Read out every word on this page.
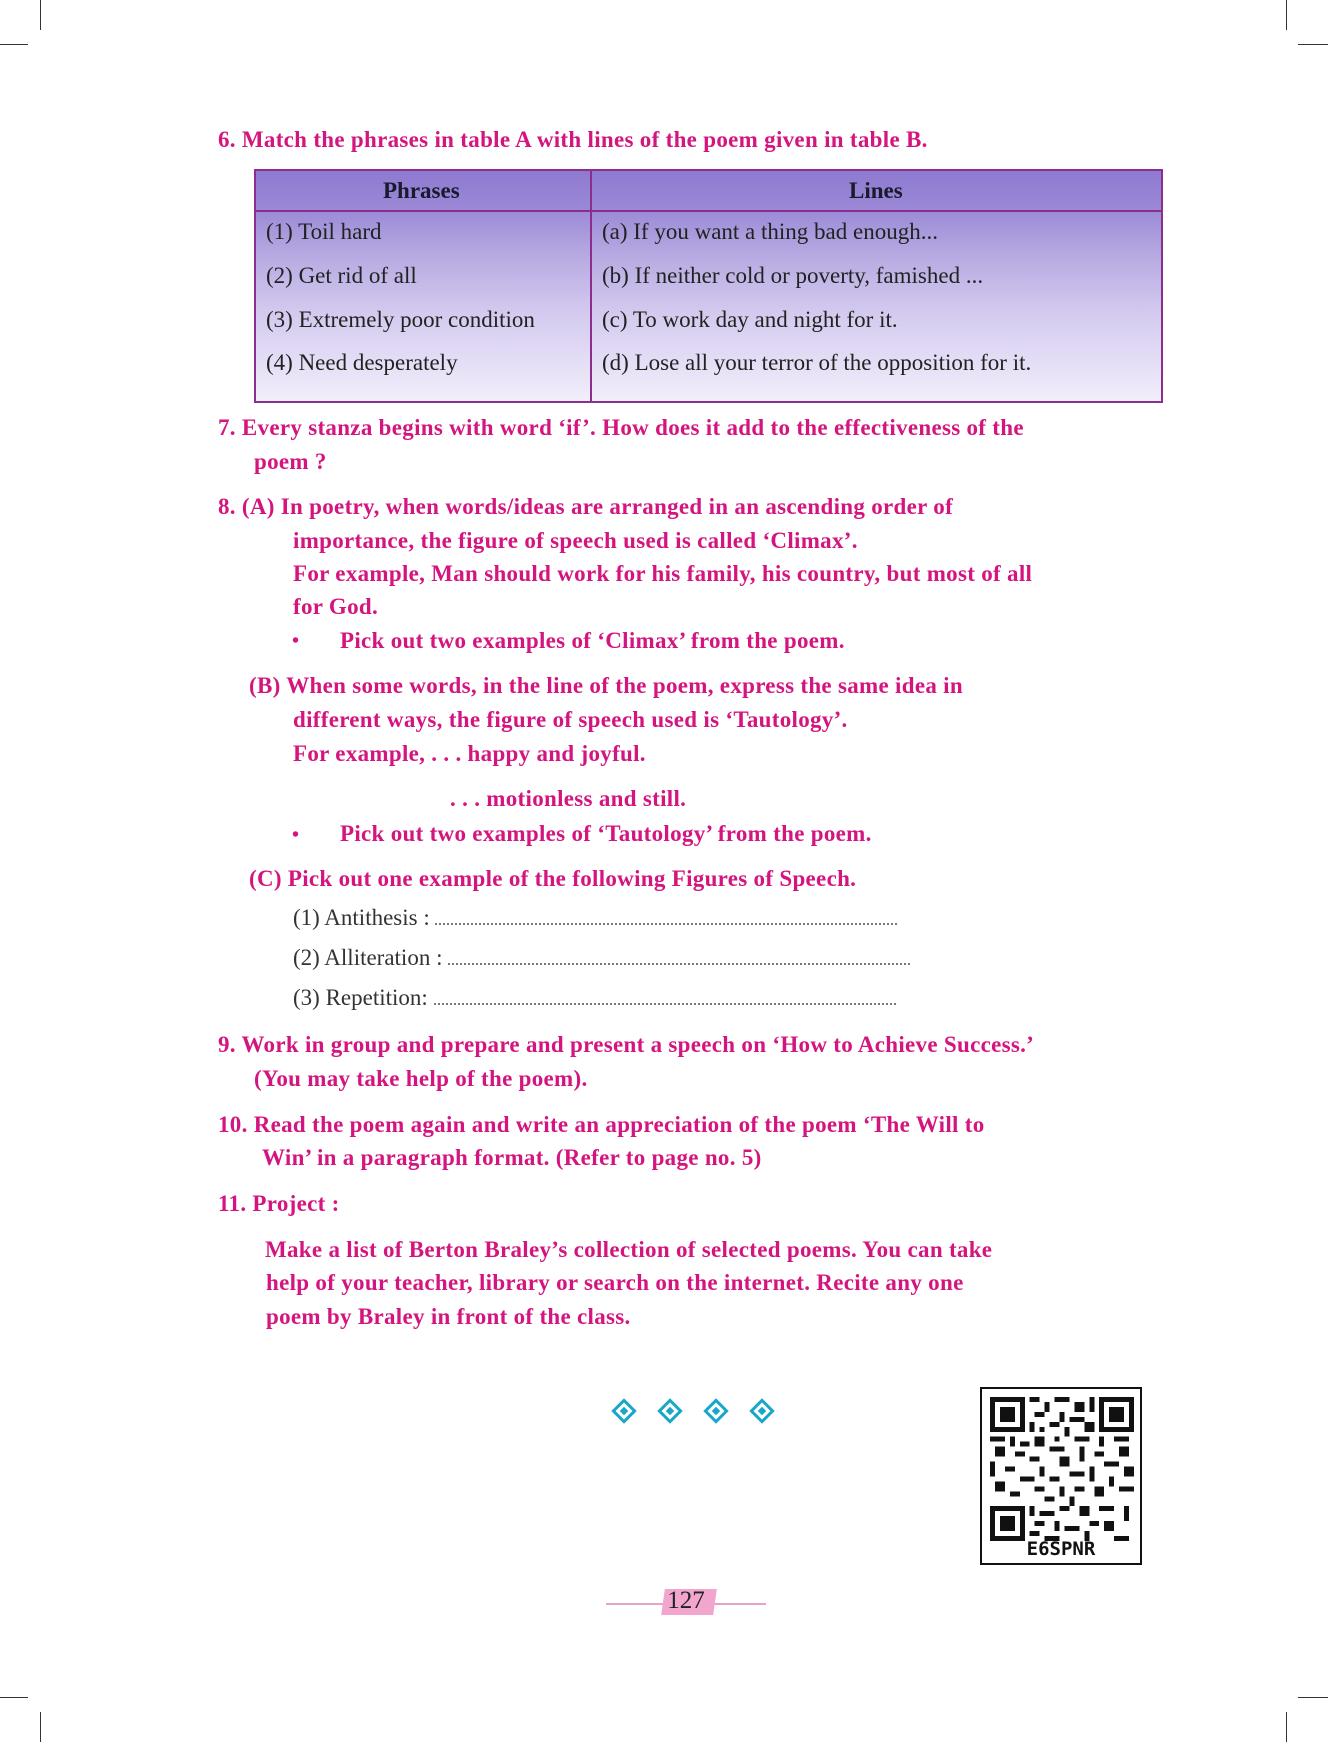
6. Match the phrases in table A with lines of the poem given in table B.
Phrases	Lines
(1) Toil hard
(2) Get rid of all
(3) Extremely poor condition
(4) Need desperately
(a) If you want a thing bad enough...
(b) If neither cold or poverty, famished ...
(c) To work day and night for it.
(d) Lose all your terror of the opposition for it.
7. Every stanza begins with word ‘if’. How does it add to the effectiveness of the
poem ?
8. (A) In poetry, when words/ideas are arranged in an ascending order of
importance, the figure of speech used is called ‘Climax’.
For example, Man should work for his family, his country, but most of all
for God.
• Pick out two examples of ‘Climax’ from the poem.
(B) When some words, in the line of the poem, express the same idea in
different ways, the figure of speech used is ‘Tautology’.
For example, . . . happy and joyful.
. . . motionless and still.
• Pick out two examples of ‘Tautology’ from the poem.
(C) Pick out one example of the following Figures of Speech.
(1) Antithesis :
(2) Alliteration :
(3) Repetition:
9. Work in group and prepare and present a speech on ‘How to Achieve Success.’
(You may take help of the poem).
10. Read the poem again and write an appreciation of the poem ‘The Will to
Win’ in a paragraph format. (Refer to page no. 5)
11. Project :
Make a list of Berton Braley’s collection of selected poems. You can take
help of your teacher, library or search on the internet. Recite any one
poem by Braley in front of the class.

E6SPNR
127
